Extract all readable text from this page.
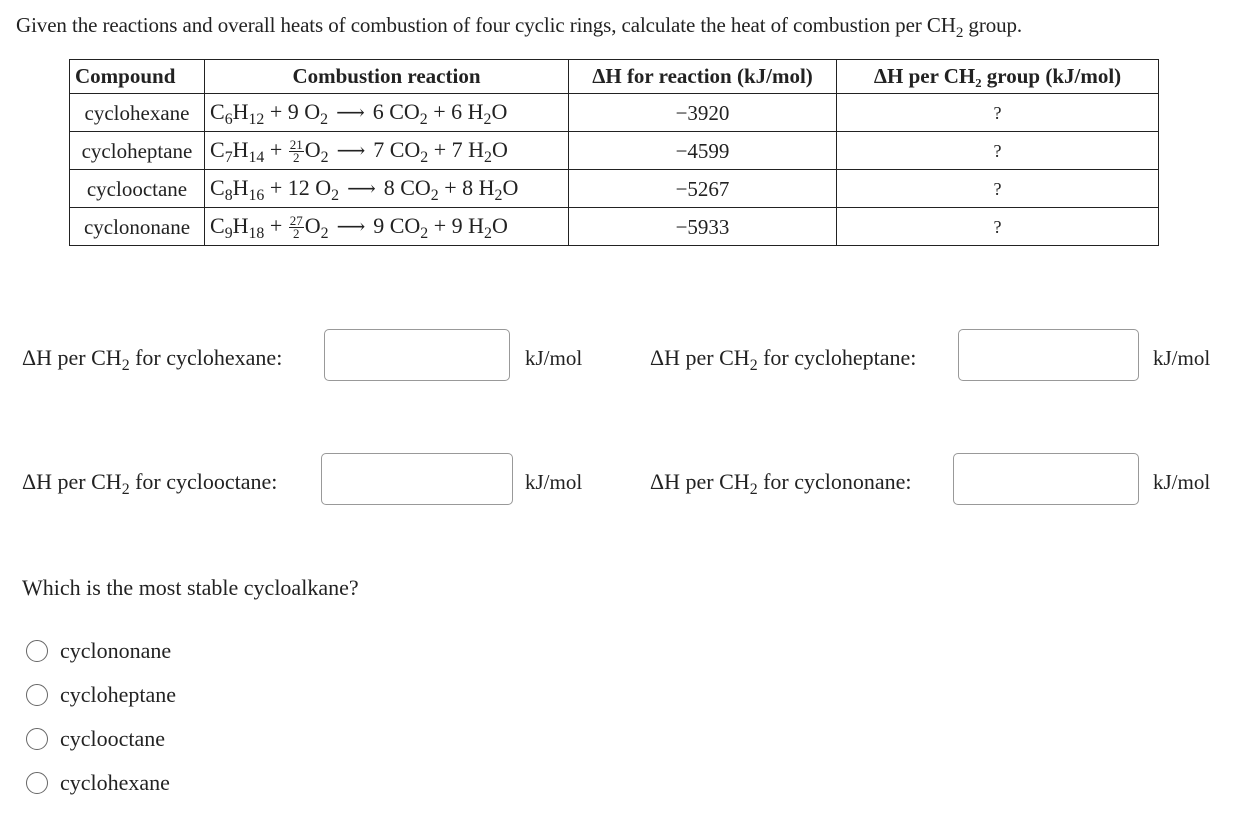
Given the reactions and overall heats of combustion of four cyclic rings, calculate the heat of combustion per $CH_2$ group.
Compound	Combustion reaction	ΔH for reaction (kJ/mol)	ΔH per CH₂ group (kJ/mol)
cyclohexane	$C_6H_{12} + 9$ $O_2$ ⟶ 6 $CO_2 + 6$ $H_2O$	−3920	?
cycloheptane	$C_7H_{14} + \frac{21}{2} O_2$ ⟶ 7 $CO_2 + 7$ $H_2O$	−4599	?
cyclooctane	$C_8H_{16} + 12$ $O_2$ ⟶ 8 $CO_2 + 8$ $H_2O$	−5267	?
cyclononane	$C_9H_{18} + \frac{27}{2} O_2$ ⟶ 9 $CO_2 + 9$ $H_2O$	−5933	?
ΔH per $CH_2$ for cyclohexane:	kJ/mol	ΔH per $CH_2$ for cycloheptane:	kJ/mol
ΔH per $CH_2$ for cyclooctane:	kJ/mol	ΔH per $CH_2$ for cyclononane:	kJ/mol
Which is the most stable cycloalkane?
cyclononane
cycloheptane
cyclooctane
cyclohexane
